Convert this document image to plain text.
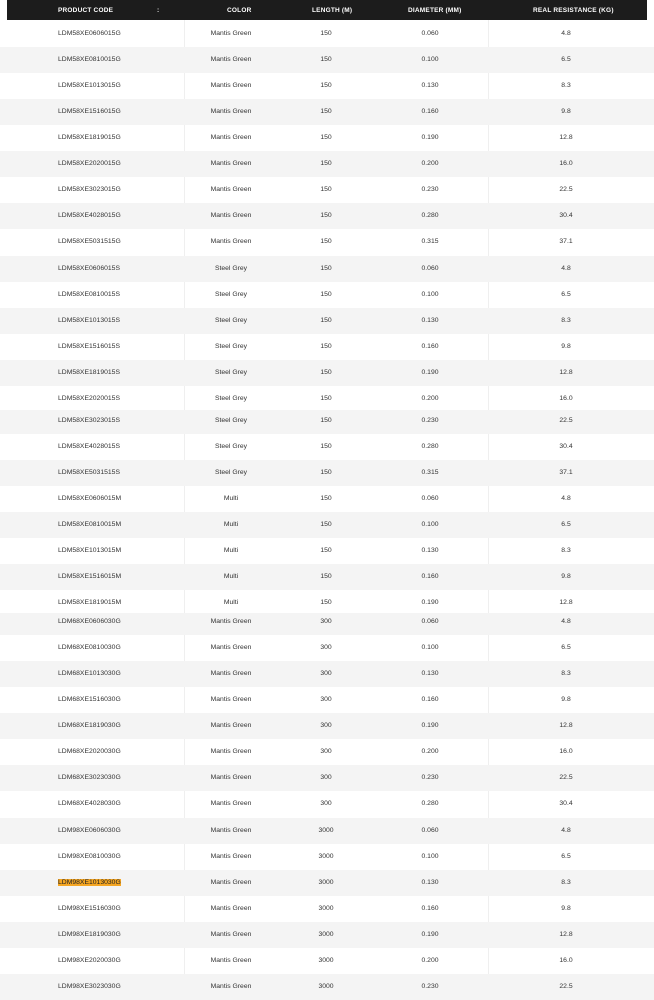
PRODUCT CODE	:	COLOR	LENGTH (M)	DIAMETER (MM)	REAL RESISTANCE (KG)
LDM58XE0606015G	Mantis Green	150	0.060	4.8
LDM58XE0810015G	Mantis Green	150	0.100	6.5
LDM58XE1013015G	Mantis Green	150	0.130	8.3
LDM58XE1516015G	Mantis Green	150	0.160	9.8
LDM58XE1819015G	Mantis Green	150	0.190	12.8
LDM58XE2020015G	Mantis Green	150	0.200	16.0
LDM58XE3023015G	Mantis Green	150	0.230	22.5
LDM58XE4028015G	Mantis Green	150	0.280	30.4
LDM58XE5031515G	Mantis Green	150	0.315	37.1
LDM58XE0606015S	Steel Grey	150	0.060	4.8
LDM58XE0810015S	Steel Grey	150	0.100	6.5
LDM58XE1013015S	Steel Grey	150	0.130	8.3
LDM58XE1516015S	Steel Grey	150	0.160	9.8
LDM58XE1819015S	Steel Grey	150	0.190	12.8
LDM58XE2020015S	Steel Grey	150	0.200	16.0
LDM58XE3023015S	Steel Grey	150	0.230	22.5
LDM58XE4028015S	Steel Grey	150	0.280	30.4
LDM58XE5031515S	Steel Grey	150	0.315	37.1
LDM58XE0606015M	Multi	150	0.060	4.8
LDM58XE0810015M	Multi	150	0.100	6.5
LDM58XE1013015M	Multi	150	0.130	8.3
LDM58XE1516015M	Multi	150	0.160	9.8
LDM58XE1819015M	Multi	150	0.190	12.8
LDM68XE0606030G	Mantis Green	300	0.060	4.8
LDM68XE0810030G	Mantis Green	300	0.100	6.5
LDM68XE1013030G	Mantis Green	300	0.130	8.3
LDM68XE1516030G	Mantis Green	300	0.160	9.8
LDM68XE1819030G	Mantis Green	300	0.190	12.8
LDM68XE2020030G	Mantis Green	300	0.200	16.0
LDM68XE3023030G	Mantis Green	300	0.230	22.5
LDM68XE4028030G	Mantis Green	300	0.280	30.4
LDM98XE0606030G	Mantis Green	3000	0.060	4.8
LDM98XE0810030G	Mantis Green	3000	0.100	6.5
LDM98XE1013030G	Mantis Green	3000	0.130	8.3
LDM98XE1516030G	Mantis Green	3000	0.160	9.8
LDM98XE1819030G	Mantis Green	3000	0.190	12.8
LDM98XE2020030G	Mantis Green	3000	0.200	16.0
LDM98XE3023030G	Mantis Green	3000	0.230	22.5
